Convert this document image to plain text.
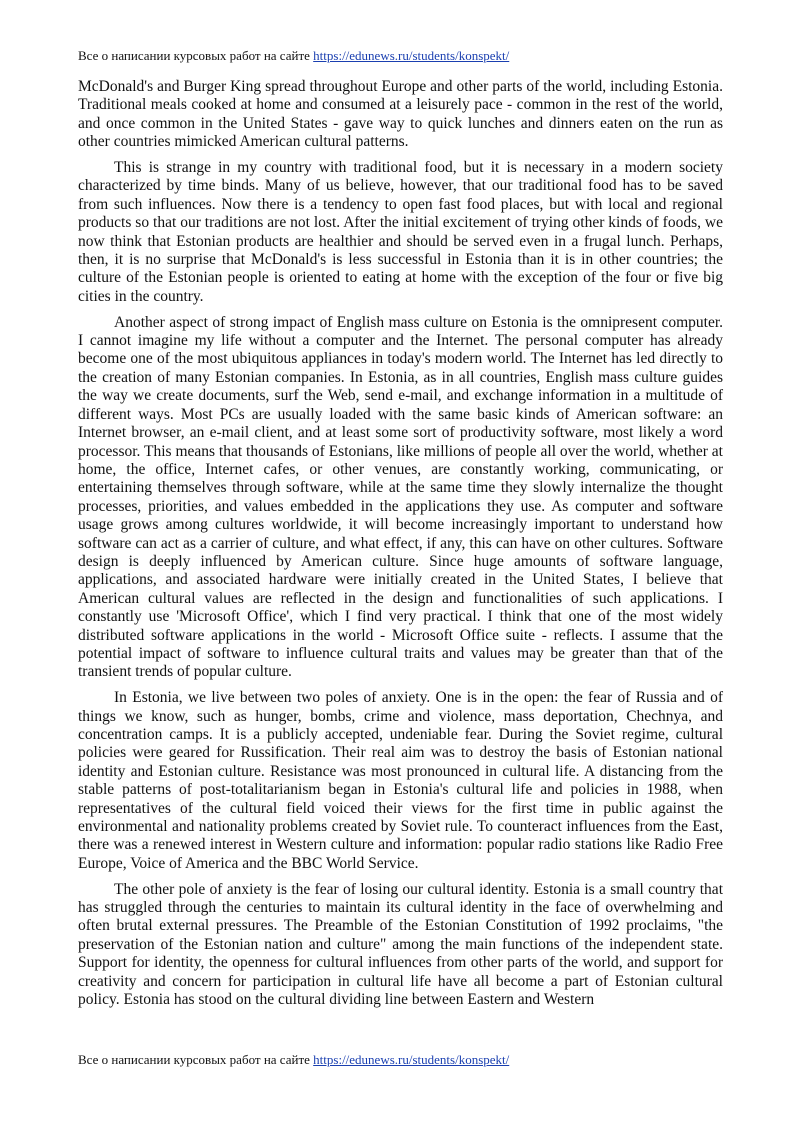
Все о написании курсовых работ на сайте https://edunews.ru/students/konspekt/

McDonald's and Burger King spread throughout Europe and other parts of the world, including Estonia. Traditional meals cooked at home and consumed at a leisurely pace - common in the rest of the world, and once common in the United States - gave way to quick lunches and dinners eaten on the run as other countries mimicked American cultural patterns.

This is strange in my country with traditional food, but it is necessary in a modern society characterized by time binds. Many of us believe, however, that our traditional food has to be saved from such influences. Now there is a tendency to open fast food places, but with local and regional products so that our traditions are not lost. After the initial excitement of trying other kinds of foods, we now think that Estonian products are healthier and should be served even in a frugal lunch. Perhaps, then, it is no surprise that McDonald's is less successful in Estonia than it is in other countries; the culture of the Estonian people is oriented to eating at home with the exception of the four or five big cities in the country.

Another aspect of strong impact of English mass culture on Estonia is the omnipresent computer. I cannot imagine my life without a computer and the Internet. The personal computer has already become one of the most ubiquitous appliances in today's modern world. The Internet has led directly to the creation of many Estonian companies. In Estonia, as in all countries, English mass culture guides the way we create documents, surf the Web, send e-mail, and exchange information in a multitude of different ways. Most PCs are usually loaded with the same basic kinds of American software: an Internet browser, an e-mail client, and at least some sort of productivity software, most likely a word processor. This means that thousands of Estonians, like millions of people all over the world, whether at home, the office, Internet cafes, or other venues, are constantly working, communicating, or entertaining themselves through software, while at the same time they slowly internalize the thought processes, priorities, and values embedded in the applications they use. As computer and software usage grows among cultures worldwide, it will become increasingly important to understand how software can act as a carrier of culture, and what effect, if any, this can have on other cultures. Software design is deeply influenced by American culture. Since huge amounts of software language, applications, and associated hardware were initially created in the United States, I believe that American cultural values are reflected in the design and functionalities of such applications. I constantly use 'Microsoft Office', which I find very practical. I think that one of the most widely distributed software applications in the world - Microsoft Office suite - reflects. I assume that the potential impact of software to influence cultural traits and values may be greater than that of the transient trends of popular culture.

In Estonia, we live between two poles of anxiety. One is in the open: the fear of Russia and of things we know, such as hunger, bombs, crime and violence, mass deportation, Chechnya, and concentration camps. It is a publicly accepted, undeniable fear. During the Soviet regime, cultural policies were geared for Russification. Their real aim was to destroy the basis of Estonian national identity and Estonian culture. Resistance was most pronounced in cultural life. A distancing from the stable patterns of post-totalitarianism began in Estonia's cultural life and policies in 1988, when representatives of the cultural field voiced their views for the first time in public against the environmental and nationality problems created by Soviet rule. To counteract influences from the East, there was a renewed interest in Western culture and information: popular radio stations like Radio Free Europe, Voice of America and the BBC World Service.

The other pole of anxiety is the fear of losing our cultural identity. Estonia is a small country that has struggled through the centuries to maintain its cultural identity in the face of overwhelming and often brutal external pressures. The Preamble of the Estonian Constitution of 1992 proclaims, "the preservation of the Estonian nation and culture" among the main functions of the independent state. Support for identity, the openness for cultural influences from other parts of the world, and support for creativity and concern for participation in cultural life have all become a part of Estonian cultural policy. Estonia has stood on the cultural dividing line between Eastern and Western

Все о написании курсовых работ на сайте https://edunews.ru/students/konspekt/
